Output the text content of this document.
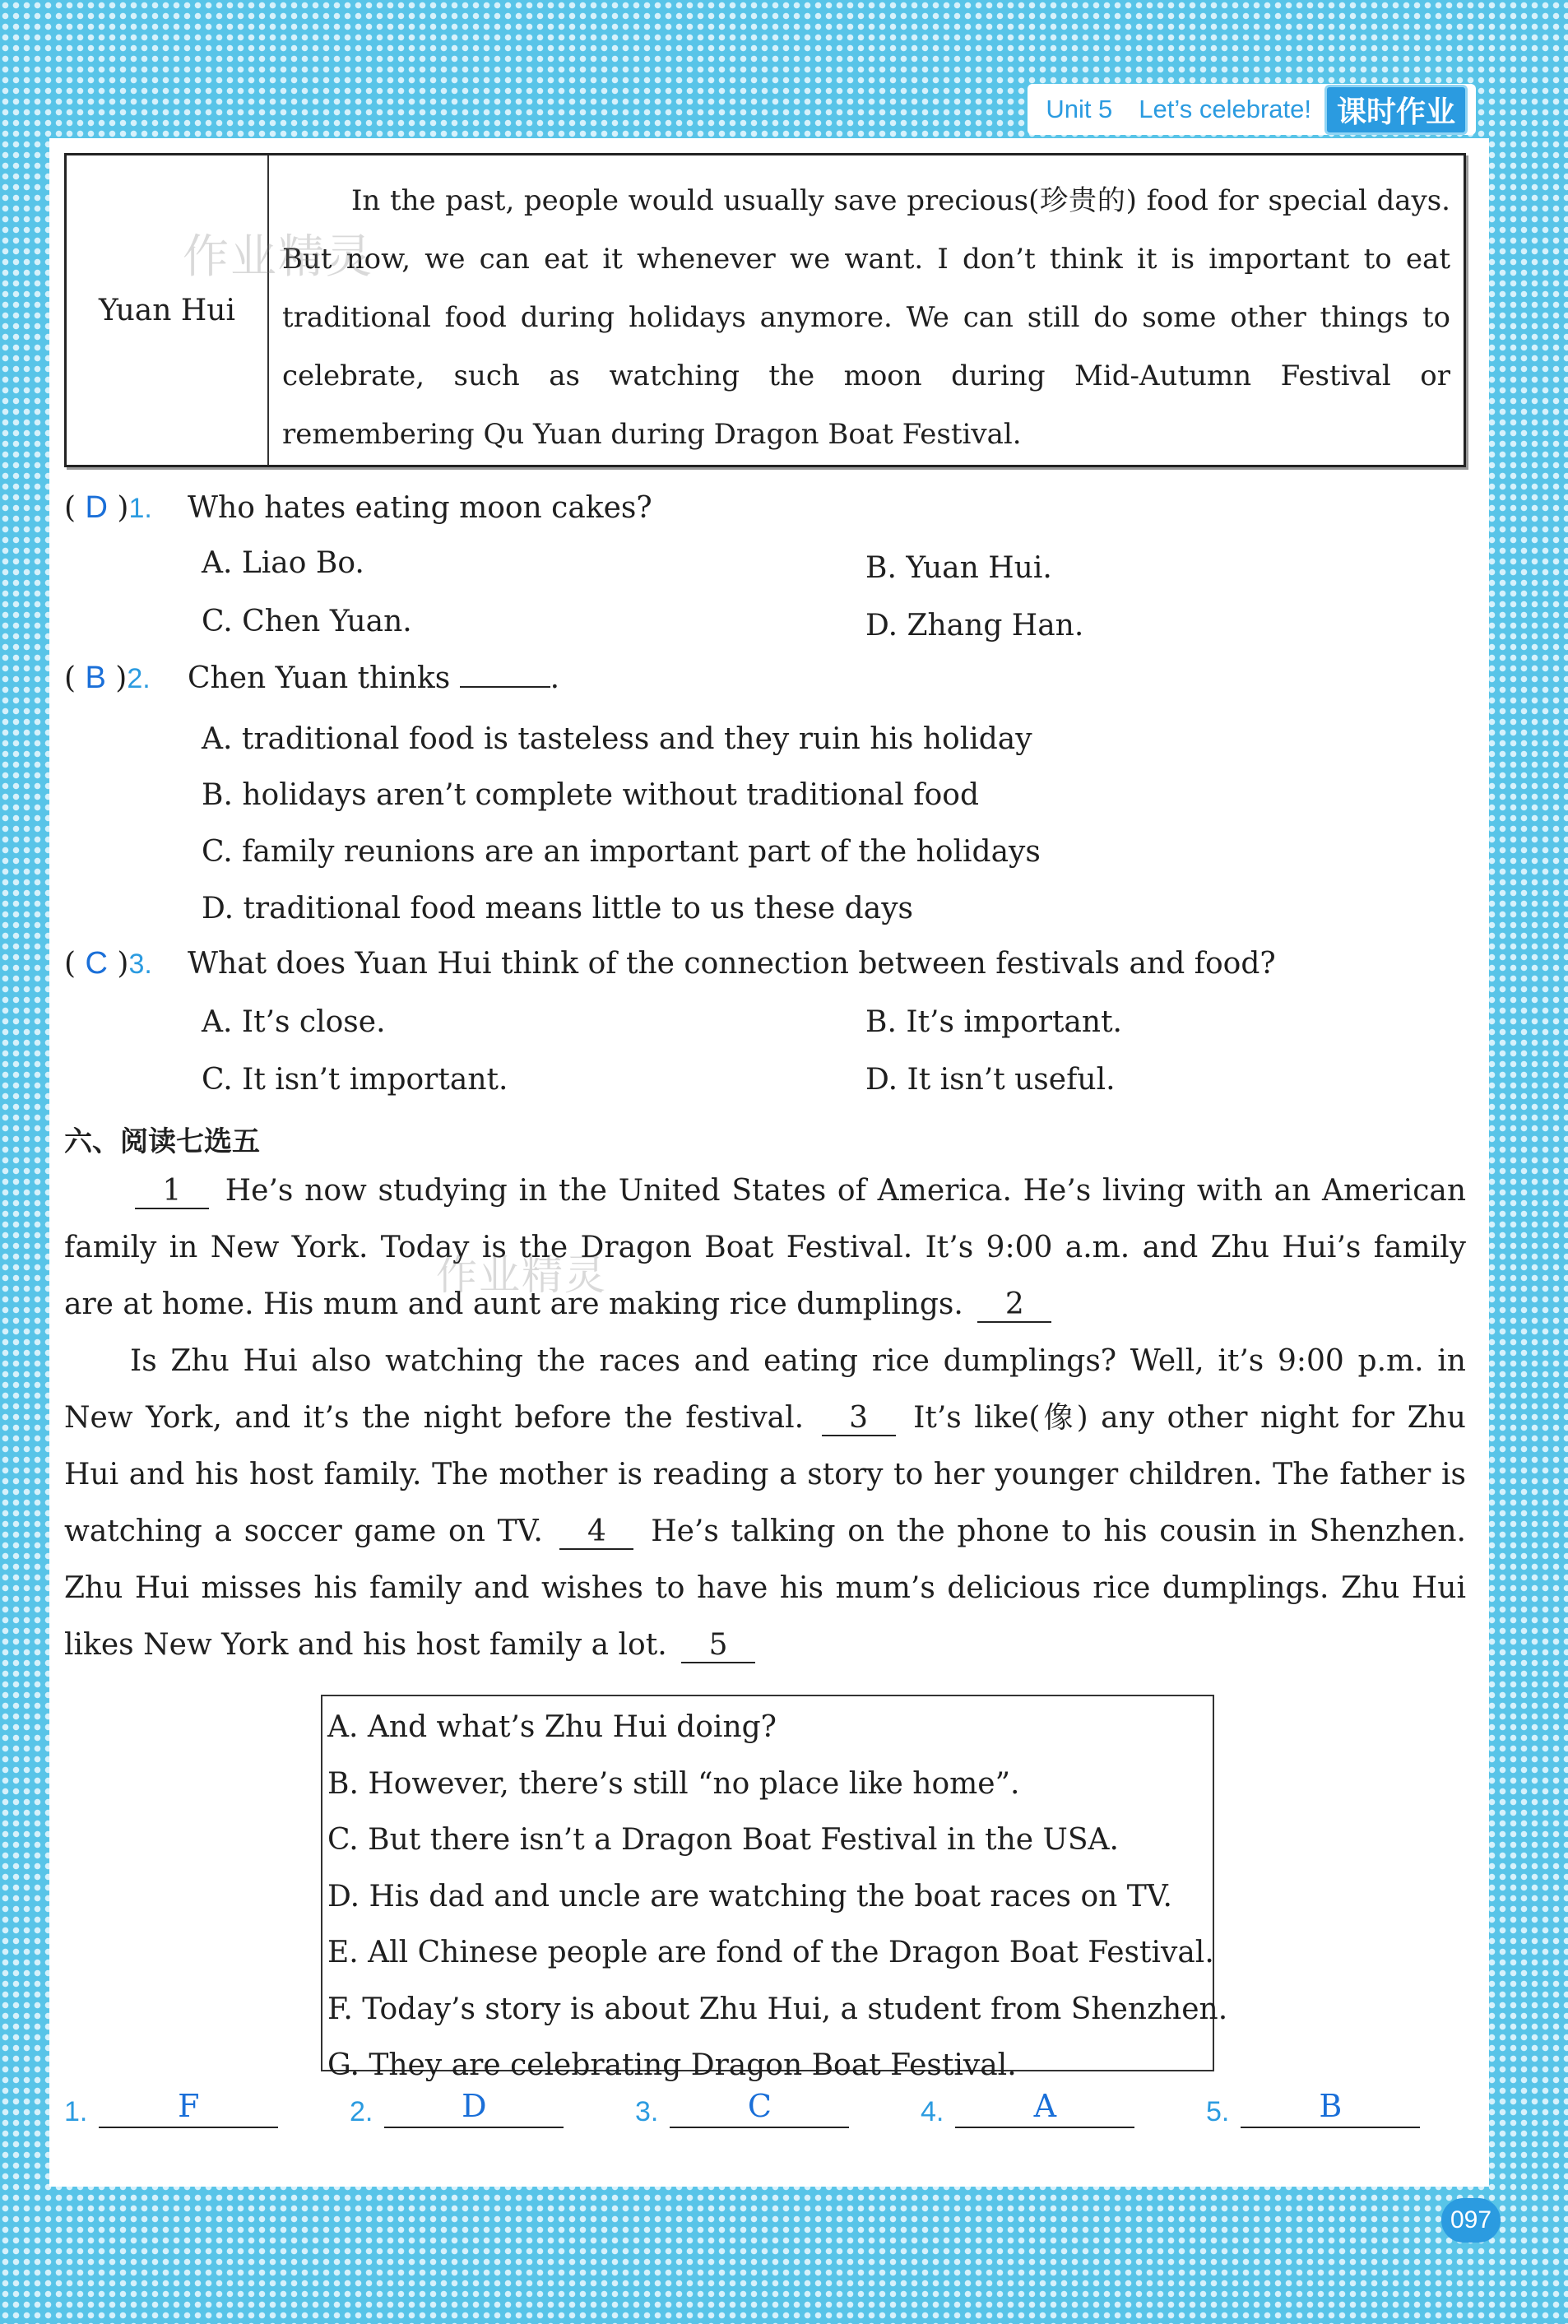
Unit 5 Let’s celebrate! 课时作业
Yuan Hui

In the past, people would usually save precious(珍贵的) food for special days. But now, we can eat it whenever we want. I don’t think it is important to eat traditional food during holidays anymore. We can still do some other things to celebrate, such as watching the moon during Mid-Autumn Festival or remembering Qu Yuan during Dragon Boat Festival.

作业精灵
( D )1. Who hates eating moon cakes?
A. Liao Bo.	B. Yuan Hui.
C. Chen Yuan.	D. Zhang Han.
( B )2. Chen Yuan thinks	.
A. traditional food is tasteless and they ruin his holiday
B. holidays aren’t complete without traditional food
C. family reunions are an important part of the holidays
D. traditional food means little to us these days
( C )3. What does Yuan Hui think of the connection between festivals and food?
A. It’s close.	B. It’s important.
C. It isn’t important.	D. It isn’t useful.
六、阅读七选五

1 He’s now studying in the United States of America. He’s living with an American family in New York. Today is the Dragon Boat Festival. It’s 9:00 a.m. and Zhu Hui’s family are at home. His mum and aunt are making rice dumplings. 2

Is Zhu Hui also watching the races and eating rice dumplings? Well, it’s 9:00 p.m. in New York, and it’s the night before the festival. 3 It’s like(像) any other night for Zhu Hui and his host family. The mother is reading a story to her younger children. The father is watching a soccer game on TV. 4 He’s talking on the phone to his cousin in Shenzhen. Zhu Hui misses his family and wishes to have his mum’s delicious rice dumplings. Zhu Hui likes New York and his host family a lot. 5

作业精灵
A. And what’s Zhu Hui doing?
B. However, there’s still “no place like home”.
C. But there isn’t a Dragon Boat Festival in the USA.
D. His dad and uncle are watching the boat races on TV.
E. All Chinese people are fond of the Dragon Boat Festival.
F. Today’s story is about Zhu Hui, a student from Shenzhen.
G. They are celebrating Dragon Boat Festival.
1.	F	2.	D	3.	C	4.	A	5.	B
097
